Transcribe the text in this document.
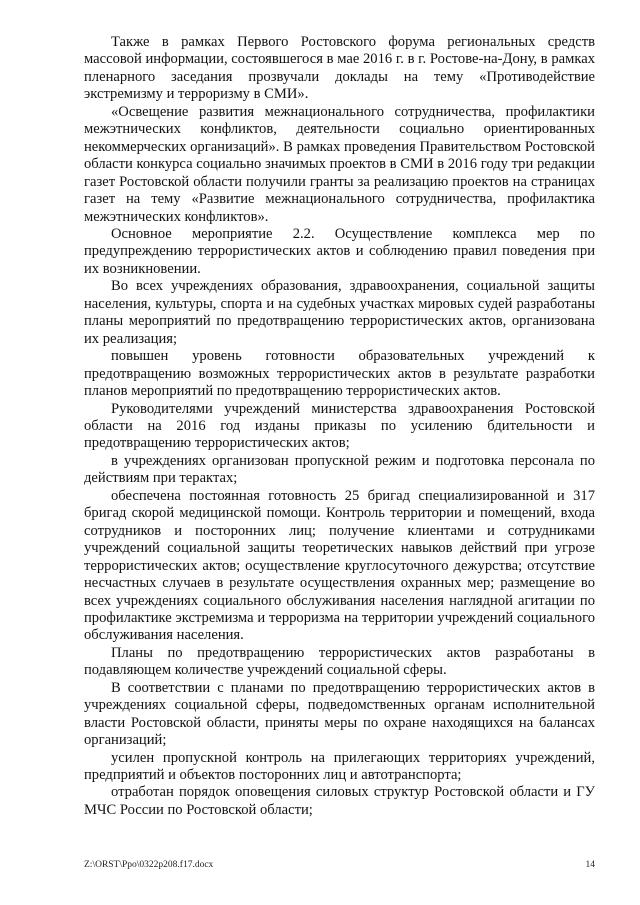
Также в рамках Первого Ростовского форума региональных средств массовой информации, состоявшегося в мае 2016 г. в г. Ростове-на-Дону, в рамках пленарного заседания прозвучали доклады на тему «Противодействие экстремизму и терроризму в СМИ».

«Освещение развития межнационального сотрудничества, профилактики межэтнических конфликтов, деятельности социально ориентированных некоммерческих организаций». В рамках проведения Правительством Ростовской области конкурса социально значимых проектов в СМИ в 2016 году три редакции газет Ростовской области получили гранты за реализацию проектов на страницах газет на тему «Развитие межнационального сотрудничества, профилактика межэтнических конфликтов».

Основное мероприятие 2.2. Осуществление комплекса мер по предупреждению террористических актов и соблюдению правил поведения при их возникновении.

Во всех учреждениях образования, здравоохранения, социальной защиты населения, культуры, спорта и на судебных участках мировых судей разработаны планы мероприятий по предотвращению террористических актов, организована их реализация;

повышен уровень готовности образовательных учреждений к предотвращению возможных террористических актов в результате разработки планов мероприятий по предотвращению террористических актов.

Руководителями учреждений министерства здравоохранения Ростовской области на 2016 год изданы приказы по усилению бдительности и предотвращению террористических актов;

в учреждениях организован пропускной режим и подготовка персонала по действиям при терактах;

обеспечена постоянная готовность 25 бригад специализированной и 317 бригад скорой медицинской помощи. Контроль территории и помещений, входа сотрудников и посторонних лиц; получение клиентами и сотрудниками учреждений социальной защиты теоретических навыков действий при угрозе террористических актов; осуществление круглосуточного дежурства; отсутствие несчастных случаев в результате осуществления охранных мер; размещение во всех учреждениях социального обслуживания населения наглядной агитации по профилактике экстремизма и терроризма на территории учреждений социального обслуживания населения.

Планы по предотвращению террористических актов разработаны в подавляющем количестве учреждений социальной сферы.

В соответствии с планами по предотвращению террористических актов в учреждениях социальной сферы, подведомственных органам исполнительной власти Ростовской области, приняты меры по охране находящихся на балансах организаций;

усилен пропускной контроль на прилегающих территориях учреждений, предприятий и объектов посторонних лиц и автотранспорта;

отработан порядок оповещения силовых структур Ростовской области и ГУ МЧС России по Ростовской области;

Z:\ORST\Ppo\0322p208.f17.docx	14
